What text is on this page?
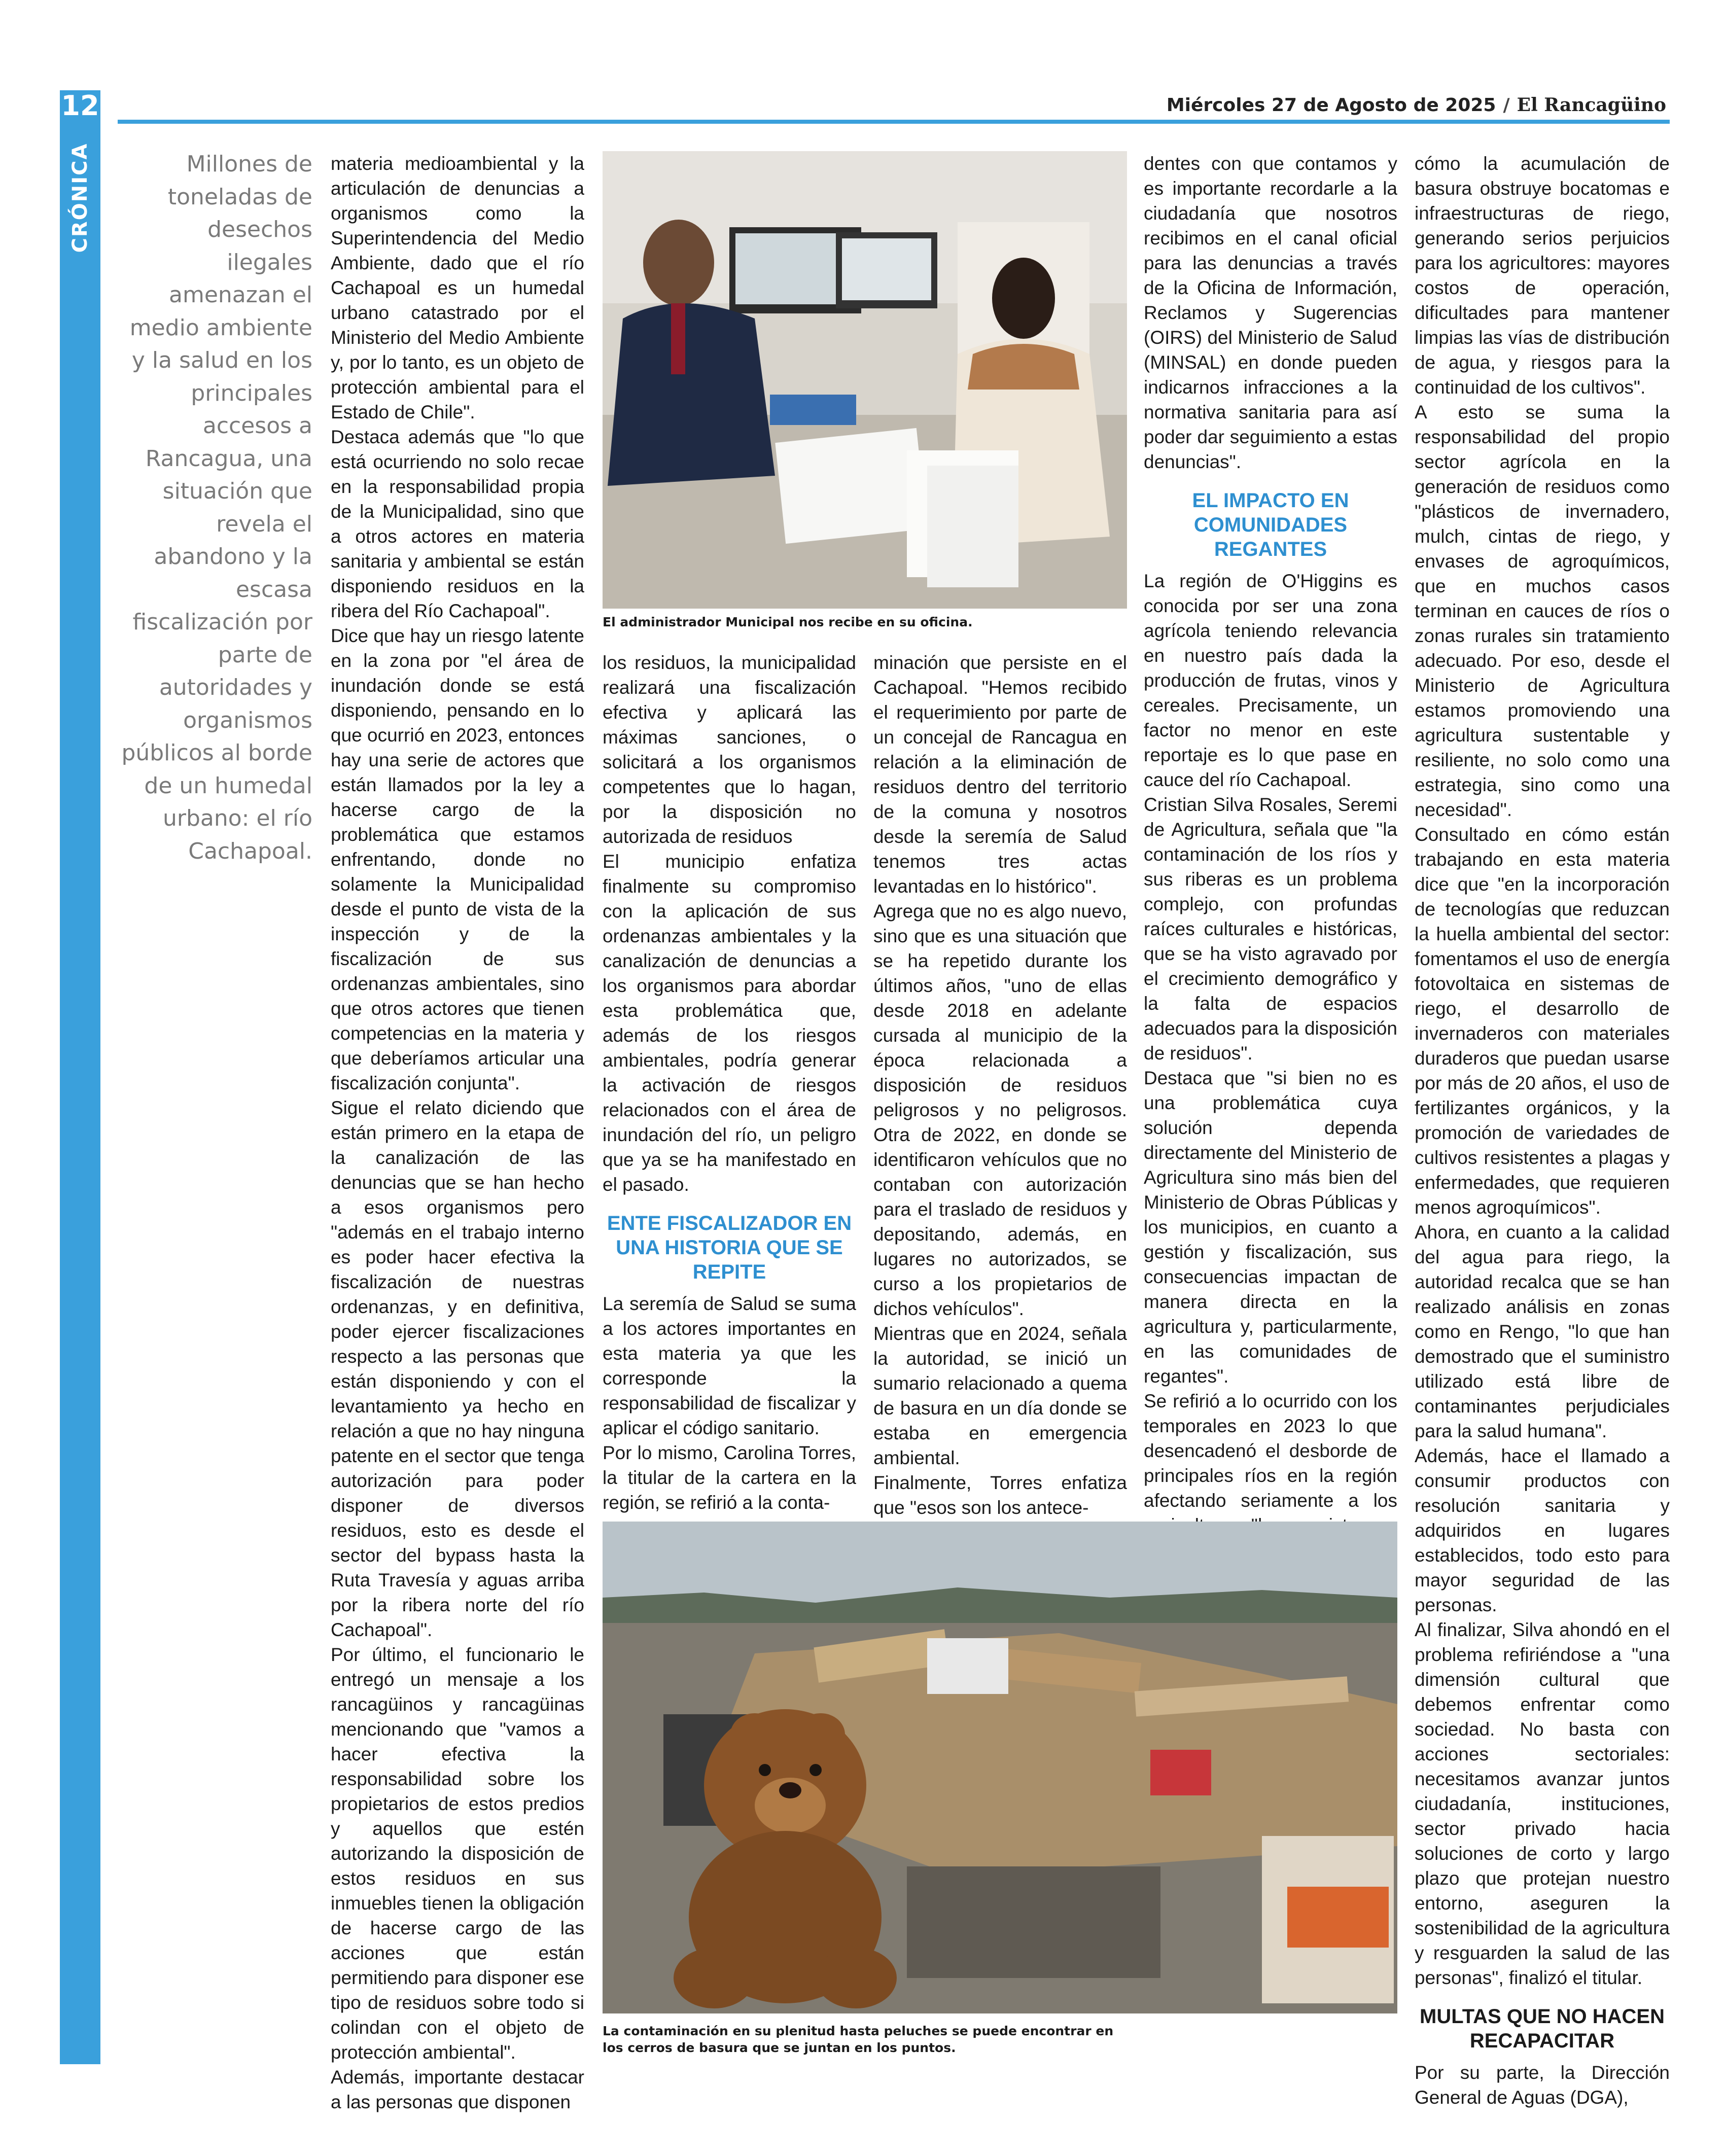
12
CRÓNICA
Miércoles 27 de Agosto de 2025 / El Rancagüino
Millones de toneladas de desechos ilegales amenazan el medio ambiente y la salud en los principales accesos a Rancagua, una situación que revela el abandono y la escasa fiscalización por parte de autoridades y organismos públicos al borde de un humedal urbano: el río Cachapoal.

materia medioambiental y la articulación de denuncias a organismos como la Superintendencia del Medio Ambiente, dado que el río Cachapoal es un humedal urbano catastrado por el Ministerio del Medio Ambiente y, por lo tanto, es un objeto de protección ambiental para el Estado de Chile".

Destaca además que "lo que está ocurriendo no solo recae en la responsabilidad propia de la Municipalidad, sino que a otros actores en materia sanitaria y ambiental se están disponiendo residuos en la ribera del Río Cachapoal".

Dice que hay un riesgo latente en la zona por "el área de inundación donde se está disponiendo, pensando en lo que ocurrió en 2023, entonces hay una serie de actores que están llamados por la ley a hacerse cargo de la problemática que estamos enfrentando, donde no solamente la Municipalidad desde el punto de vista de la inspección y de la fiscalización de sus ordenanzas ambientales, sino que otros actores que tienen competencias en la materia y que deberíamos articular una fiscalización conjunta".

Sigue el relato diciendo que están primero en la etapa de la canalización de las denuncias que se han hecho a esos organismos pero "además en el trabajo interno es poder hacer efectiva la fiscalización de nuestras ordenanzas, y en definitiva, poder ejercer fiscalizaciones respecto a las personas que están disponiendo y con el levantamiento ya hecho en relación a que no hay ninguna patente en el sector que tenga autorización para poder disponer de diversos residuos, esto es desde el sector del bypass hasta la Ruta Travesía y aguas arriba por la ribera norte del río Cachapoal".

Por último, el funcionario le entregó un mensaje a los rancagüinos y rancagüinas mencionando que "vamos a hacer efectiva la responsabilidad sobre los propietarios de estos predios y aquellos que estén autorizando la disposición de estos residuos en sus inmuebles tienen la obligación de hacerse cargo de las acciones que están permitiendo para disponer ese tipo de residuos sobre todo si colindan con el objeto de protección ambiental".

Además, importante destacar a las personas que disponen

El administrador Municipal nos recibe en su oficina.

los residuos, la municipalidad realizará una fiscalización efectiva y aplicará las máximas sanciones, o solicitará a los organismos competentes que lo hagan, por la disposición no autorizada de residuos

El municipio enfatiza finalmente su compromiso con la aplicación de sus ordenanzas ambientales y la canalización de denuncias a los organismos para abordar esta problemática que, además de los riesgos ambientales, podría generar la activación de riesgos relacionados con el área de inundación del río, un peligro que ya se ha manifestado en el pasado.

ENTE FISCALIZADOR EN UNA HISTORIA QUE SE REPITE

La seremía de Salud se suma a los actores importantes en esta materia ya que les corresponde la responsabilidad de fiscalizar y aplicar el código sanitario.

Por lo mismo, Carolina Torres, la titular de la cartera en la región, se refirió a la conta-

minación que persiste en el Cachapoal. "Hemos recibido el requerimiento por parte de un concejal de Rancagua en relación a la eliminación de residuos dentro del territorio de la comuna y nosotros desde la seremía de Salud tenemos tres actas levantadas en lo histórico".

Agrega que no es algo nuevo, sino que es una situación que se ha repetido durante los últimos años, "uno de ellas desde 2018 en adelante cursada al municipio de la época relacionada a disposición de residuos peligrosos y no peligrosos. Otra de 2022, en donde se identificaron vehículos que no contaban con autorización para el traslado de residuos y depositando, además, en lugares no autorizados, se curso a los propietarios de dichos vehículos".

Mientras que en 2024, señala la autoridad, se inició un sumario relacionado a quema de basura en un día donde se estaba en emergencia ambiental.

Finalmente, Torres enfatiza que "esos son los antece-

dentes con que contamos y es importante recordarle a la ciudadanía que nosotros recibimos en el canal oficial para las denuncias a través de la Oficina de Información, Reclamos y Sugerencias (OIRS) del Ministerio de Salud (MINSAL) en donde pueden indicarnos infracciones a la normativa sanitaria para así poder dar seguimiento a estas denuncias".

EL IMPACTO EN COMUNIDADES REGANTES

La región de O'Higgins es conocida por ser una zona agrícola teniendo relevancia en nuestro país dada la producción de frutas, vinos y cereales. Precisamente, un factor no menor en este reportaje es lo que pase en cauce del río Cachapoal.

Cristian Silva Rosales, Seremi de Agricultura, señala que "la contaminación de los ríos y sus riberas es un problema complejo, con profundas raíces culturales e históricas, que se ha visto agravado por el crecimiento demográfico y la falta de espacios adecuados para la disposición de residuos".

Destaca que "si bien no es una problemática cuya solución dependa directamente del Ministerio de Agricultura sino más bien del Ministerio de Obras Públicas y los municipios, en cuanto a gestión y fiscalización, sus consecuencias impactan de manera directa en la agricultura y, particularmente, en las comunidades de regantes".

Se refirió a lo ocurrido con los temporales en 2023 lo que desencadenó el desborde de principales ríos en la región afectando seriamente a los

La contaminación en su plenitud hasta peluches se puede encontrar en los cerros de basura que se juntan en los puntos.

cómo la acumulación de basura obstruye bocatomas e infraestructuras de riego, generando serios perjuicios para los agricultores: mayores costos de operación, dificultades para mantener limpias las vías de distribución de agua, y riesgos para la continuidad de los cultivos".

A esto se suma la responsabilidad del propio sector agrícola en la generación de residuos como "plásticos de invernadero, mulch, cintas de riego, y envases de agroquímicos, que en muchos casos terminan en cauces de ríos o zonas rurales sin tratamiento adecuado. Por eso, desde el Ministerio de Agricultura estamos promoviendo una agricultura sustentable y resiliente, no solo como una estrategia, sino como una necesidad".

Consultado en cómo están trabajando en esta materia dice que "en la incorporación de tecnologías que reduzcan la huella ambiental del sector: fomentamos el uso de energía fotovoltaica en sistemas de riego, el desarrollo de invernaderos con materiales duraderos que puedan usarse por más de 20 años, el uso de fertilizantes orgánicos, y la promoción de variedades de cultivos resistentes a plagas y enfermedades, que requieren menos agroquímicos".

Ahora, en cuanto a la calidad del agua para riego, la autoridad recalca que se han realizado análisis en zonas como en Rengo, "lo que han demostrado que el suministro utilizado está libre de contaminantes perjudiciales para la salud humana".

Además, hace el llamado a consumir productos con resolución sanitaria y adquiridos en lugares establecidos, todo esto para mayor seguridad de las personas.

Al finalizar, Silva ahondó en el problema refiriéndose a "una dimensión cultural que debemos enfrentar como sociedad. No basta con acciones sectoriales: necesitamos avanzar juntos ciudadanía, instituciones, sector privado hacia soluciones de corto y largo plazo que protejan nuestro entorno, aseguren la sostenibilidad de la agricultura y resguarden la salud de las personas", finalizó el titular.

MULTAS QUE NO HACEN RECAPACITAR

Por su parte, la Dirección General de Aguas (DGA),
